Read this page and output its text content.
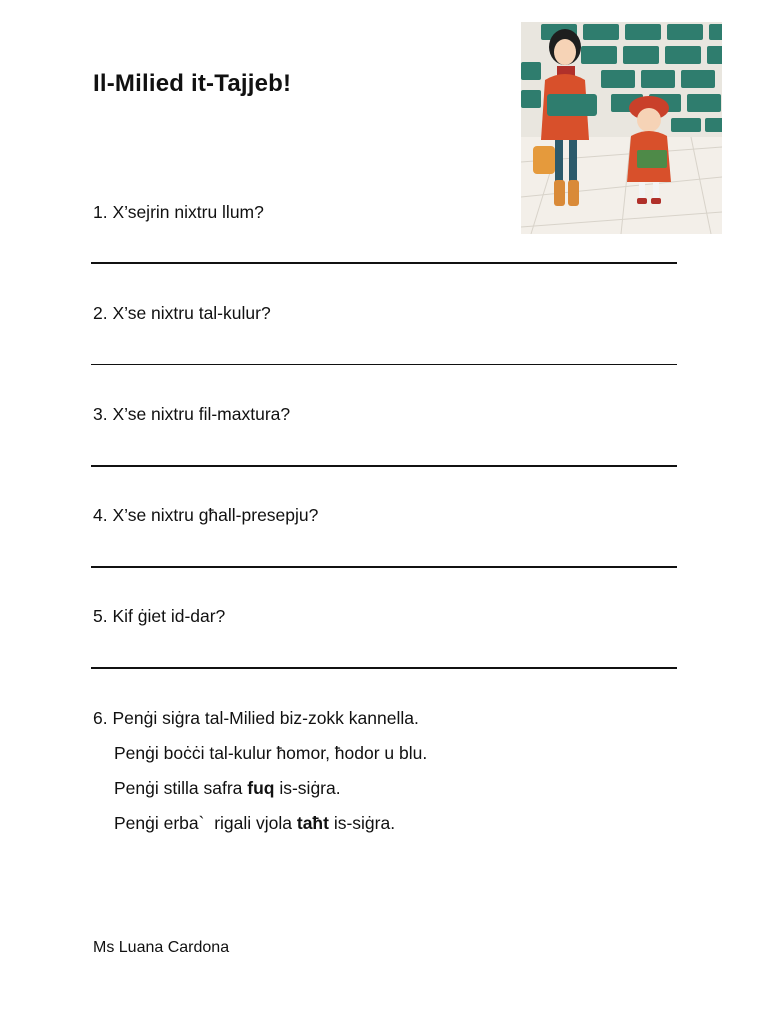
Il-Milied it-Tajjeb!
1. X’sejrin nixtru llum?
2. X’se nixtru tal-kulur?
3. X’se nixtru fil-maxtura?
4. X’se nixtru għall-presepju?
5. Kif ġiet id-dar?
6. Penġi siġra tal-Milied biz-zokk kannella.
Penġi boċċi tal-kulur ħomor, ħodor u blu.
Penġi stilla safra fuq is-siġra.
Penġi erba`  rigali vjola taħt is-siġra.
Ms Luana Cardona
